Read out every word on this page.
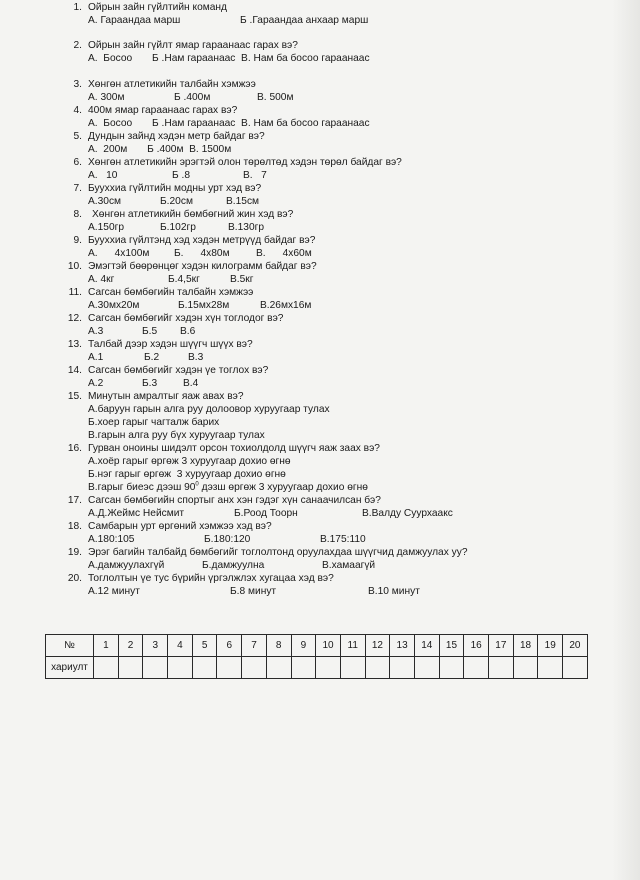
1. Ойрын зайн гүйлтийн команд
А. Гараандаа марш	Б .Гараандаа анхаар марш
2. Ойрын зайн гүйлт ямар гараанаас гарах вэ?
А.  Босоо       Б .Нам гараанаас  В. Нам ба босоо гараанаас
3. Хөнгөн атлетикийн талбайн хэмжээ
А. 300м	Б .400м	В. 500м
4. 400м ямар гараанаас гарах вэ?
А.  Босоо       Б .Нам гараанаас  В. Нам ба босоо гараанаас
5. Дундын зайнд хэдэн метр байдаг вэ?
А.  200м       Б .400м  В. 1500м
6. Хөнгөн атлетикийн эрэгтэй олон төрөлтөд хэдэн төрөл байдаг вэ?
А.   10	Б .8	В.   7
7. Бууххиа гүйлтийн модны урт хэд вэ?
А.30см	Б.20см	В.15см
8. Хөнгөн атлетикийн бөмбөгний жин хэд вэ?
А.150гр	Б.102гр	В.130гр
9. Бууххиа гүйлтэнд хэд хэдэн метрүүд байдаг вэ?
А.      4х100м Б.      4х80м	В.      4х60м
10. Эмэгтэй бөөрөнцөг хэдэн килограмм байдаг вэ?
А. 4кг	Б.4,5кг	В.5кг
11. Сагсан бөмбөгийн талбайн хэмжээ
А.30мх20м	Б.15мх28м	В.26мх16м
12. Сагсан бөмбөгийг хэдэн хүн тоглодог вэ?
А.3	Б.5 В.6
13. Талбай дээр хэдэн шүүгч шүүх вэ?
А.1	Б.2	В.3
14. Сагсан бөмбөгийг хэдэн үе тоглох вэ?
А.2	Б.3	В.4
15. Минутын амралтыг яаж авах вэ?
А.баруун гарын алга руу долоовор хуруугаар тулах
Б.хоер гарыг чагталж барих
В.гарын алга руу бүх хуруугаар тулах
16. Гурван оноины шидэлт орсон тохиолдолд шүүгч яаж заах вэ?
А.хоёр гарыг өргөж 3 хуруугаар дохио өгнө
Б.нэг гарыг өргөж  3 хуруугаар дохио өгнө
В.гарыг биеэс дээш $90^0$ дэзш өргөж 3 хуруугаар дохио өгнө
17. Сагсан бөмбөгийн спортыг анх хэн гэдэг хүн санаачилсан бэ?
А.Д.Жеймс Нейсмит	Б.Роод Тоорн	В.Валду Суурхаакс
18. Самбарын урт өргөний хэмжээ хэд вэ?
А.180:105	Б.180:120	В.175:110
19. Эрэг багийн талбайд бөмбөгийг тоглолтонд оруулахдаа шүүгчид дамжуулах уу?
А.дамжуулахгүй	Б.дамжуулна	В.хамаагүй
20. Тоглолтын үе тус бүрийн үргэлжлэх хугацаа хэд вэ?
А.12 минут	Б.8 минут	В.10 минут
№	1	2	3	4	5	6	7	8	9	10	11	12	13	14	15	16	17	18	19	20
хариулт																				
